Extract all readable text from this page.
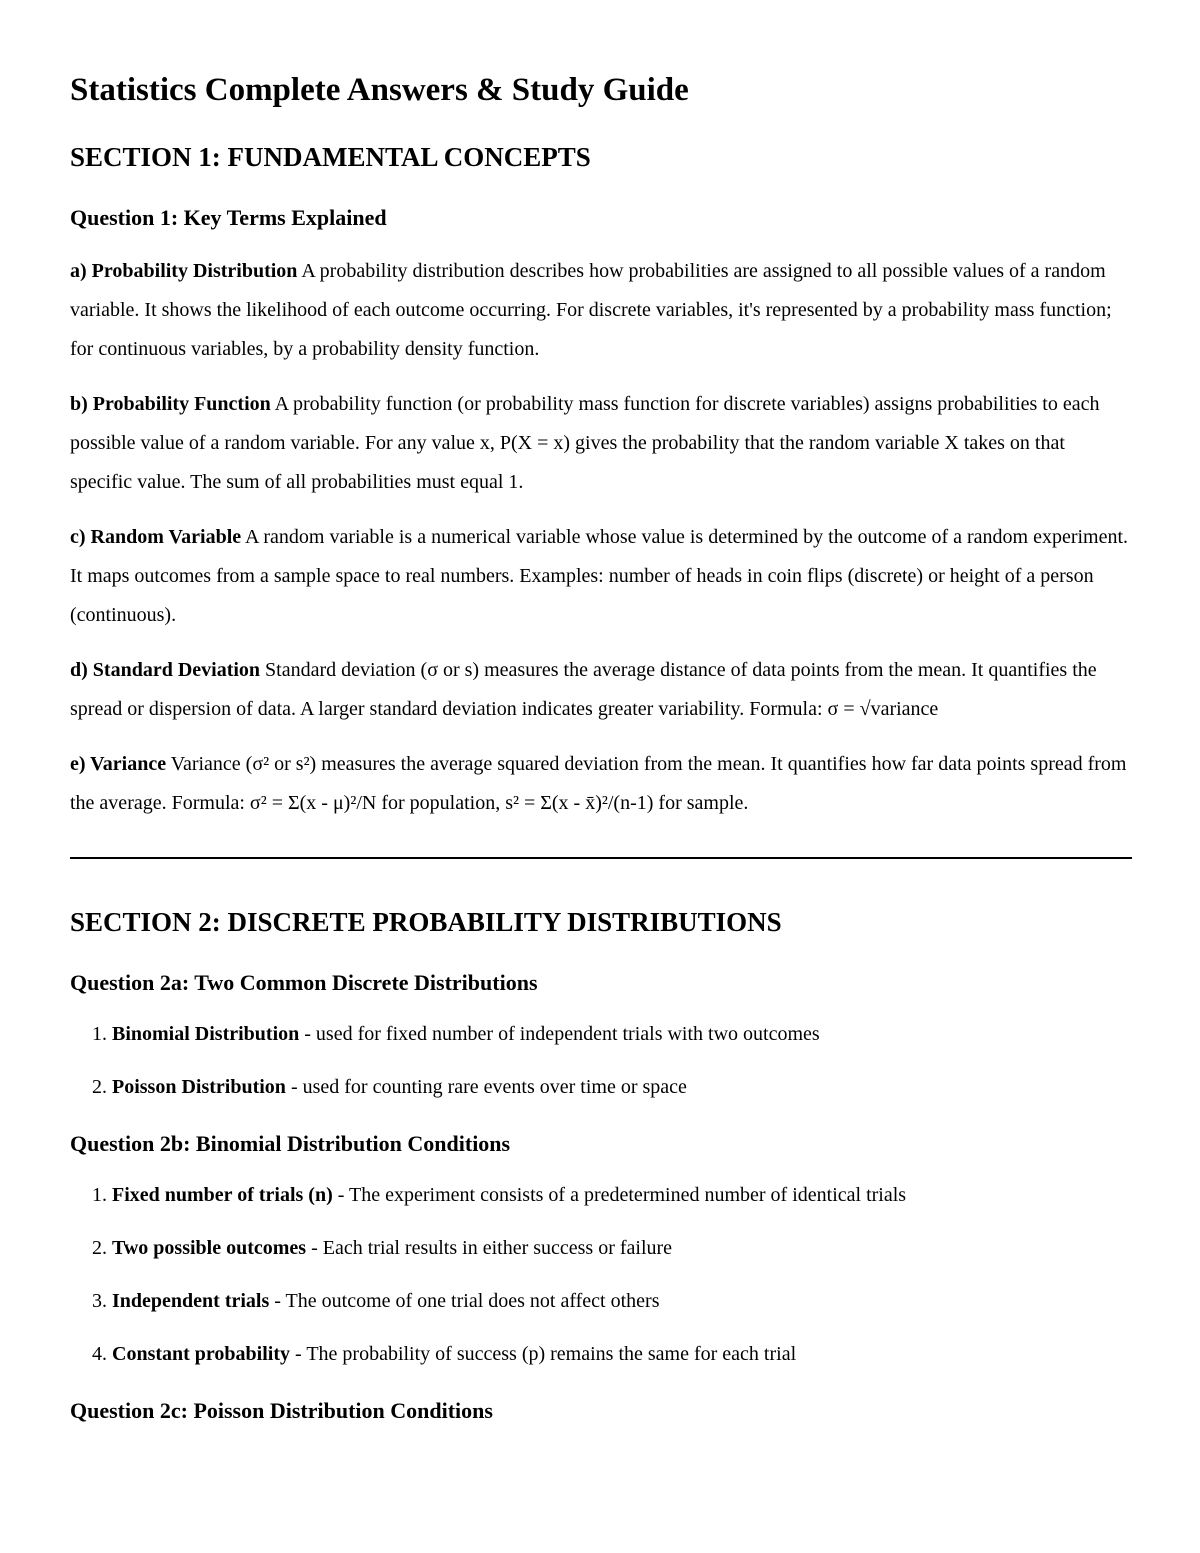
Statistics Complete Answers & Study Guide
SECTION 1: FUNDAMENTAL CONCEPTS
Question 1: Key Terms Explained

a) Probability Distribution A probability distribution describes how probabilities are assigned to all possible values of a random variable. It shows the likelihood of each outcome occurring. For discrete variables, it's represented by a probability mass function; for continuous variables, by a probability density function.

b) Probability Function A probability function (or probability mass function for discrete variables) assigns probabilities to each possible value of a random variable. For any value x, P(X = x) gives the probability that the random variable X takes on that specific value. The sum of all probabilities must equal 1.

c) Random Variable A random variable is a numerical variable whose value is determined by the outcome of a random experiment. It maps outcomes from a sample space to real numbers. Examples: number of heads in coin flips (discrete) or height of a person (continuous).

d) Standard Deviation Standard deviation (σ or s) measures the average distance of data points from the mean. It quantifies the spread or dispersion of data. A larger standard deviation indicates greater variability. Formula: σ = √variance

e) Variance Variance (σ² or s²) measures the average squared deviation from the mean. It quantifies how far data points spread from the average. Formula: σ² = Σ(x - μ)²/N for population, s² = Σ(x - x̄)²/(n-1) for sample.

SECTION 2: DISCRETE PROBABILITY DISTRIBUTIONS
Question 2a: Two Common Discrete Distributions
1. Binomial Distribution - used for fixed number of independent trials with two outcomes
2. Poisson Distribution - used for counting rare events over time or space
Question 2b: Binomial Distribution Conditions
1. Fixed number of trials (n) - The experiment consists of a predetermined number of identical trials
2. Two possible outcomes - Each trial results in either success or failure
3. Independent trials - The outcome of one trial does not affect others
4. Constant probability - The probability of success (p) remains the same for each trial
Question 2c: Poisson Distribution Conditions
